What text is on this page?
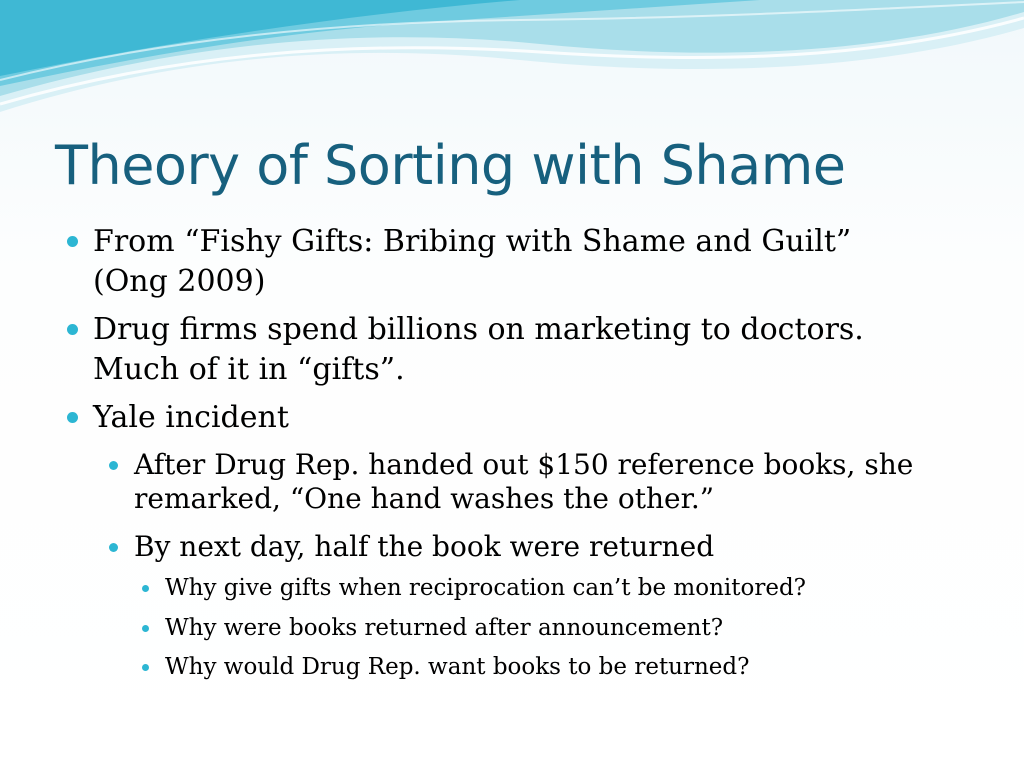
Theory of Sorting with Shame
From “Fishy Gifts: Bribing with Shame and Guilt”
(Ong 2009)
Drug firms spend billions on marketing to doctors.
Much of it in “gifts”.
Yale incident
After Drug Rep. handed out $150 reference books, she
remarked, “One hand washes the other.”
By next day, half the book were returned
Why give gifts when reciprocation can’t be monitored?
Why were books returned after announcement?
Why would Drug Rep. want books to be returned?
